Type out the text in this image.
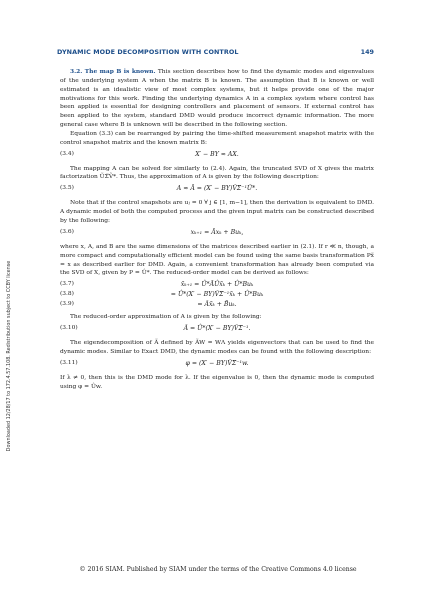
DYNAMIC MODE DECOMPOSITION WITH CONTROL	149
Downloaded 12/28/17 to 172.4.57.108. Redistribution subject to CCBY license

3.2. The map B is known. This section describes how to find the dynamic modes and eigenvalues of the underlying system A when the matrix B is known. The assumption that B is known or well estimated is an idealistic view of most complex systems, but it helps provide one of the major motivations for this work. Finding the underlying dynamics A in a complex system where control has been applied is essential for designing controllers and placement of sensors. If external control has been applied to the system, standard DMD would produce incorrect dynamic information. The more general case where B is unknown will be described in the following section.

Equation (3.3) can be rearranged by pairing the time-shifted measurement snapshot matrix with the control snapshot matrix and the known matrix B:

(3.4)	X′ − BΥ ≈ AX.

The mapping A can be solved for similarly to (2.4). Again, the truncated SVD of X gives the matrix factorization ŨΣ̃Ṽ*. Thus, the approximation of A is given by the following description:

(3.5)	A ≈ Ā = (X′ − BΥ)ṼΣ̃⁻¹Ũ*.

Note that if the control snapshots are uⱼ = 0 ∀ j ∈ [1, m−1], then the derivation is equivalent to DMD. A dynamic model of both the computed process and the given input matrix can be constructed described by the following:

(3.6)	xₖ₊₁ = Āxₖ + Buₖ,

where x, A, and B are the same dimensions of the matrices described earlier in (2.1). If r ≪ n, though, a more compact and computationally efficient model can be found using the same basis transformation Px̃ = x as described earlier for DMD. Again, a convenient transformation has already been computed via the SVD of X, given by P = Û*. The reduced-order model can be derived as follows:

(3.7)	x̃ₖ₊₁ = Û*ĀÛx̃ₖ + Û*Buₖ
(3.8)	= Û*(X′ − BΥ)ṼΣ̃⁻¹x̃ₖ + Û*Buₖ
(3.9)	= Ãx̃ₖ + B̃uₖ.

The reduced-order approximation of A is given by the following:

(3.10)	Ã = Û*(X′ − BΥ)ṼΣ̃⁻¹.

The eigendecomposition of Ã defined by ÃW = WΛ yields eigenvectors that can be used to find the dynamic modes. Similar to Exact DMD, the dynamic modes can be found with the following description:

(3.11)	φ = (X′ − BΥ)ṼΣ̃⁻¹w.

If λ ≠ 0, then this is the DMD mode for λ. If the eigenvalue is 0, then the dynamic mode is computed using φ = Ûw.

© 2016 SIAM. Published by SIAM under the terms of the Creative Commons 4.0 license
